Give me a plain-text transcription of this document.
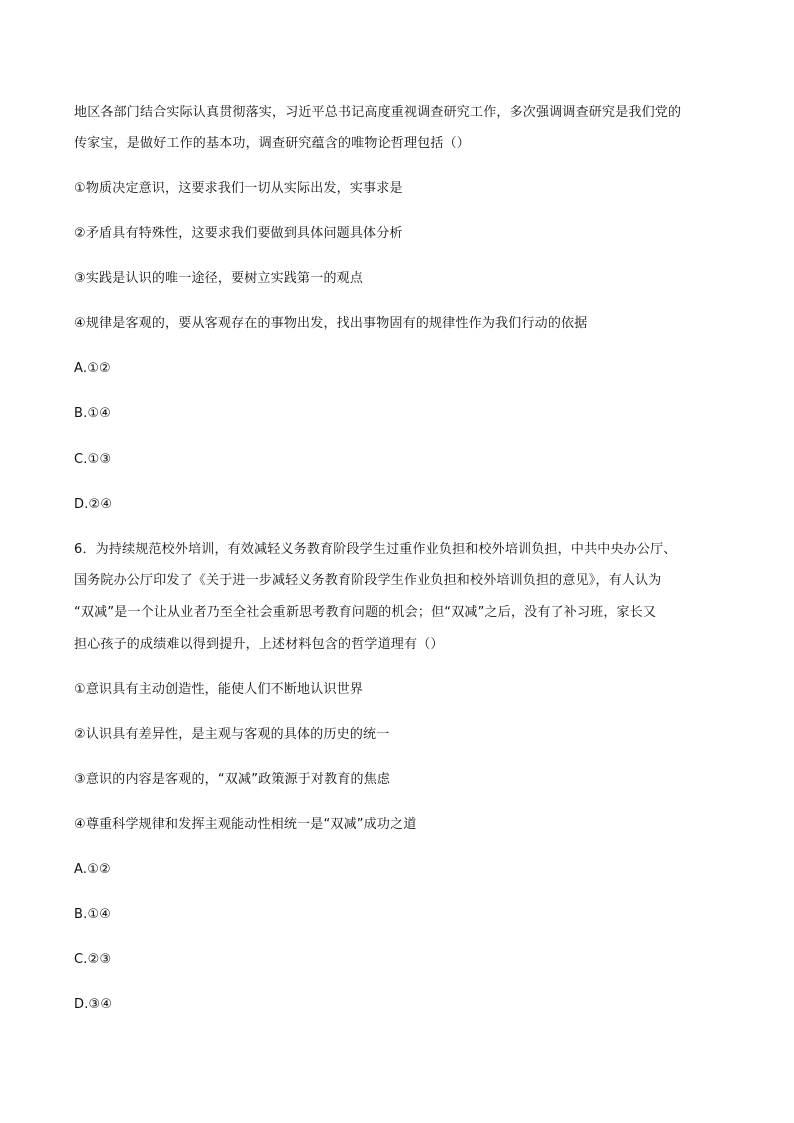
地区各部门结合实际认真贯彻落实，习近平总书记高度重视调查研究工作，多次强调调查研究是我们党的
传家宝，是做好工作的基本功，调查研究蕴含的唯物论哲理包括（）
①物质决定意识，这要求我们一切从实际出发，实事求是
②矛盾具有特殊性，这要求我们要做到具体问题具体分析
③实践是认识的唯一途径，要树立实践第一的观点
④规律是客观的，要从客观存在的事物出发，找出事物固有的规律性作为我们行动的依据
A.①②
B.①④
C.①③
D.②④
6．为持续规范校外培训，有效减轻义务教育阶段学生过重作业负担和校外培训负担，中共中央办公厅、
国务院办公厅印发了《关于进一步减轻义务教育阶段学生作业负担和校外培训负担的意见》，有人认为
“双减”是一个让从业者乃至全社会重新思考教育问题的机会；但“双减”之后，没有了补习班，家长又
担心孩子的成绩难以得到提升，上述材料包含的哲学道理有（）
①意识具有主动创造性，能使人们不断地认识世界
②认识具有差异性，是主观与客观的具体的历史的统一
③意识的内容是客观的，“双减”政策源于对教育的焦虑
④尊重科学规律和发挥主观能动性相统一是“双减”成功之道
A.①②
B.①④
C.②③
D.③④
